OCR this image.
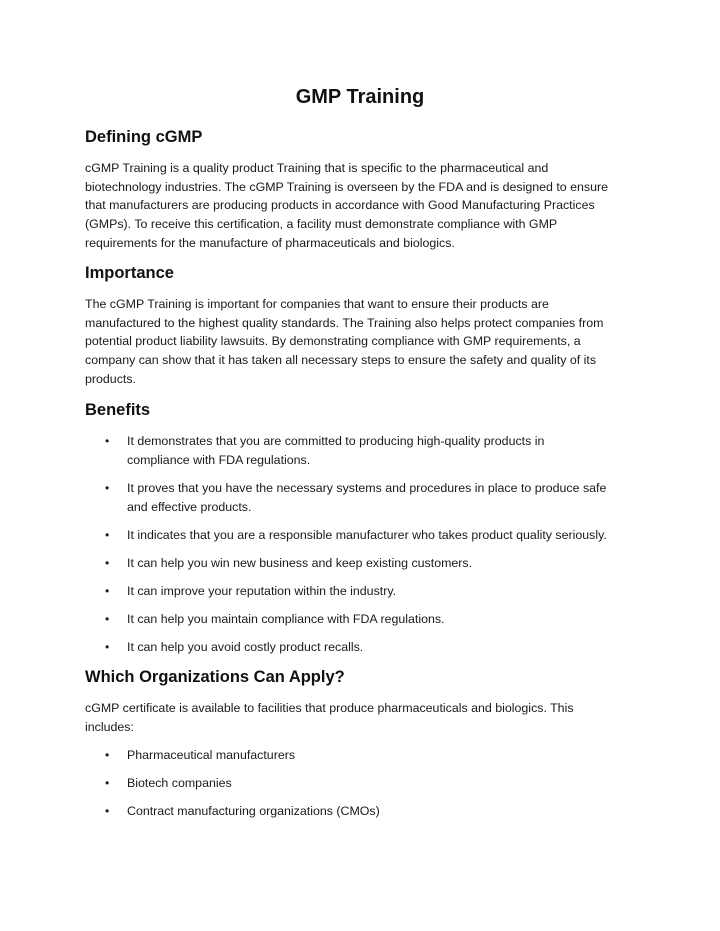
GMP Training
Defining cGMP
cGMP Training is a quality product Training that is specific to the pharmaceutical and
biotechnology industries. The cGMP Training is overseen by the FDA and is designed to ensure
that manufacturers are producing products in accordance with Good Manufacturing Practices
(GMPs). To receive this certification, a facility must demonstrate compliance with GMP
requirements for the manufacture of pharmaceuticals and biologics.
Importance
The cGMP Training is important for companies that want to ensure their products are
manufactured to the highest quality standards. The Training also helps protect companies from
potential product liability lawsuits. By demonstrating compliance with GMP requirements, a
company can show that it has taken all necessary steps to ensure the safety and quality of its
products.
Benefits
•	It demonstrates that you are committed to producing high-quality products in
compliance with FDA regulations.
•	It proves that you have the necessary systems and procedures in place to produce safe
and effective products.
•	It indicates that you are a responsible manufacturer who takes product quality seriously.
•	It can help you win new business and keep existing customers.
•	It can improve your reputation within the industry.
•	It can help you maintain compliance with FDA regulations.
•	It can help you avoid costly product recalls.
Which Organizations Can Apply?
cGMP certificate is available to facilities that produce pharmaceuticals and biologics. This
includes:
•	Pharmaceutical manufacturers
•	Biotech companies
•	Contract manufacturing organizations (CMOs)
